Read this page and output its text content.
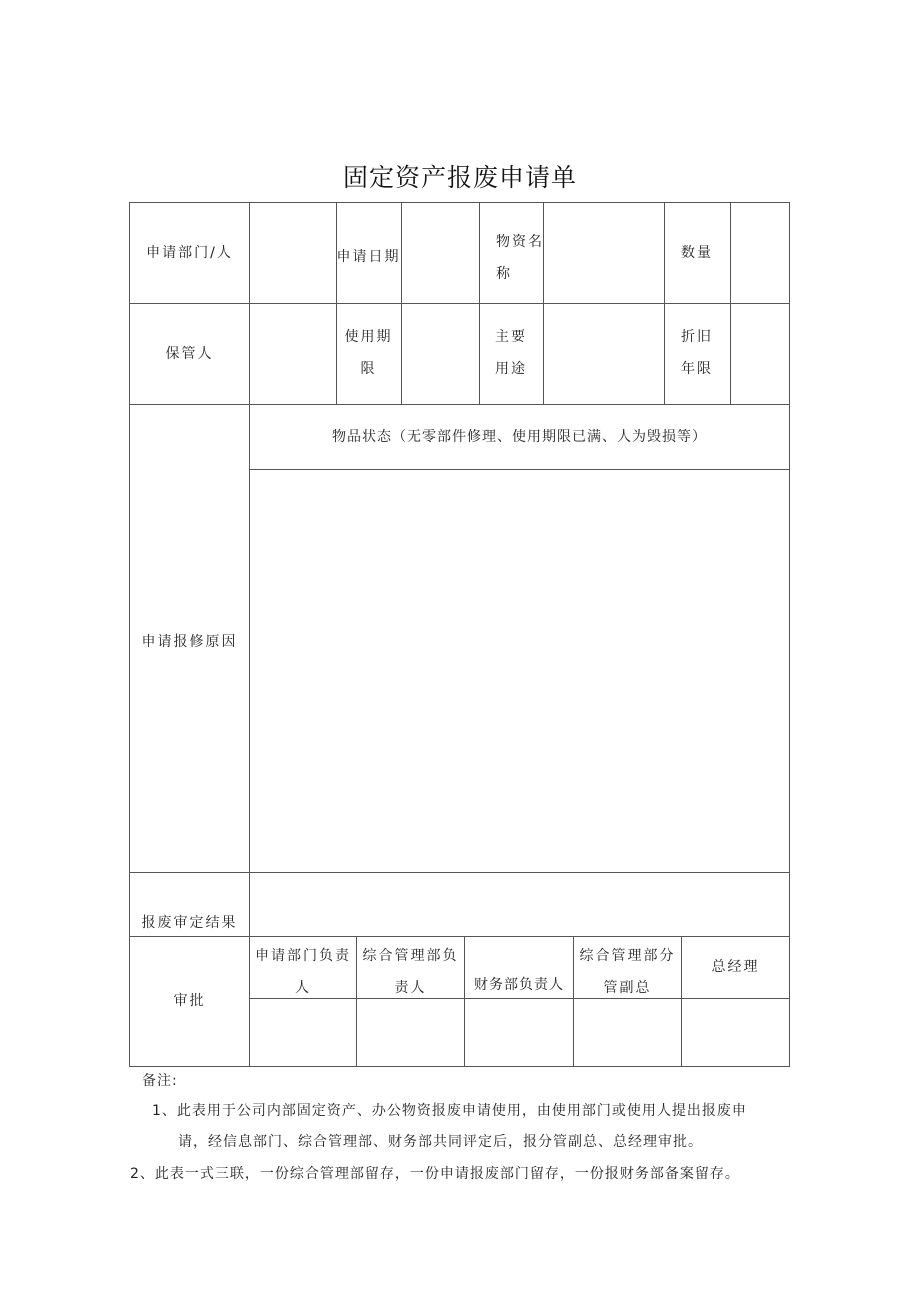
固定资产报废申请单
申请部门/人	申请日期
物资名
称
数量
保管人
使用期
限
主要
用途
折旧
年限
申请报修原因
物品状态（无零部件修理、使用期限已满、人为毁损等）
报废审定结果
审批
申请部门负责
人
综合管理部负
责人	财务部负责人
综合管理部分
管副总
总经理
备注:
1、此表用于公司内部固定资产、办公物资报废申请使用，由使用部门或使用人提出报废申
请，经信息部门、综合管理部、财务部共同评定后，报分管副总、总经理审批。
2、此表一式三联，一份综合管理部留存，一份申请报废部门留存，一份报财务部备案留存。
